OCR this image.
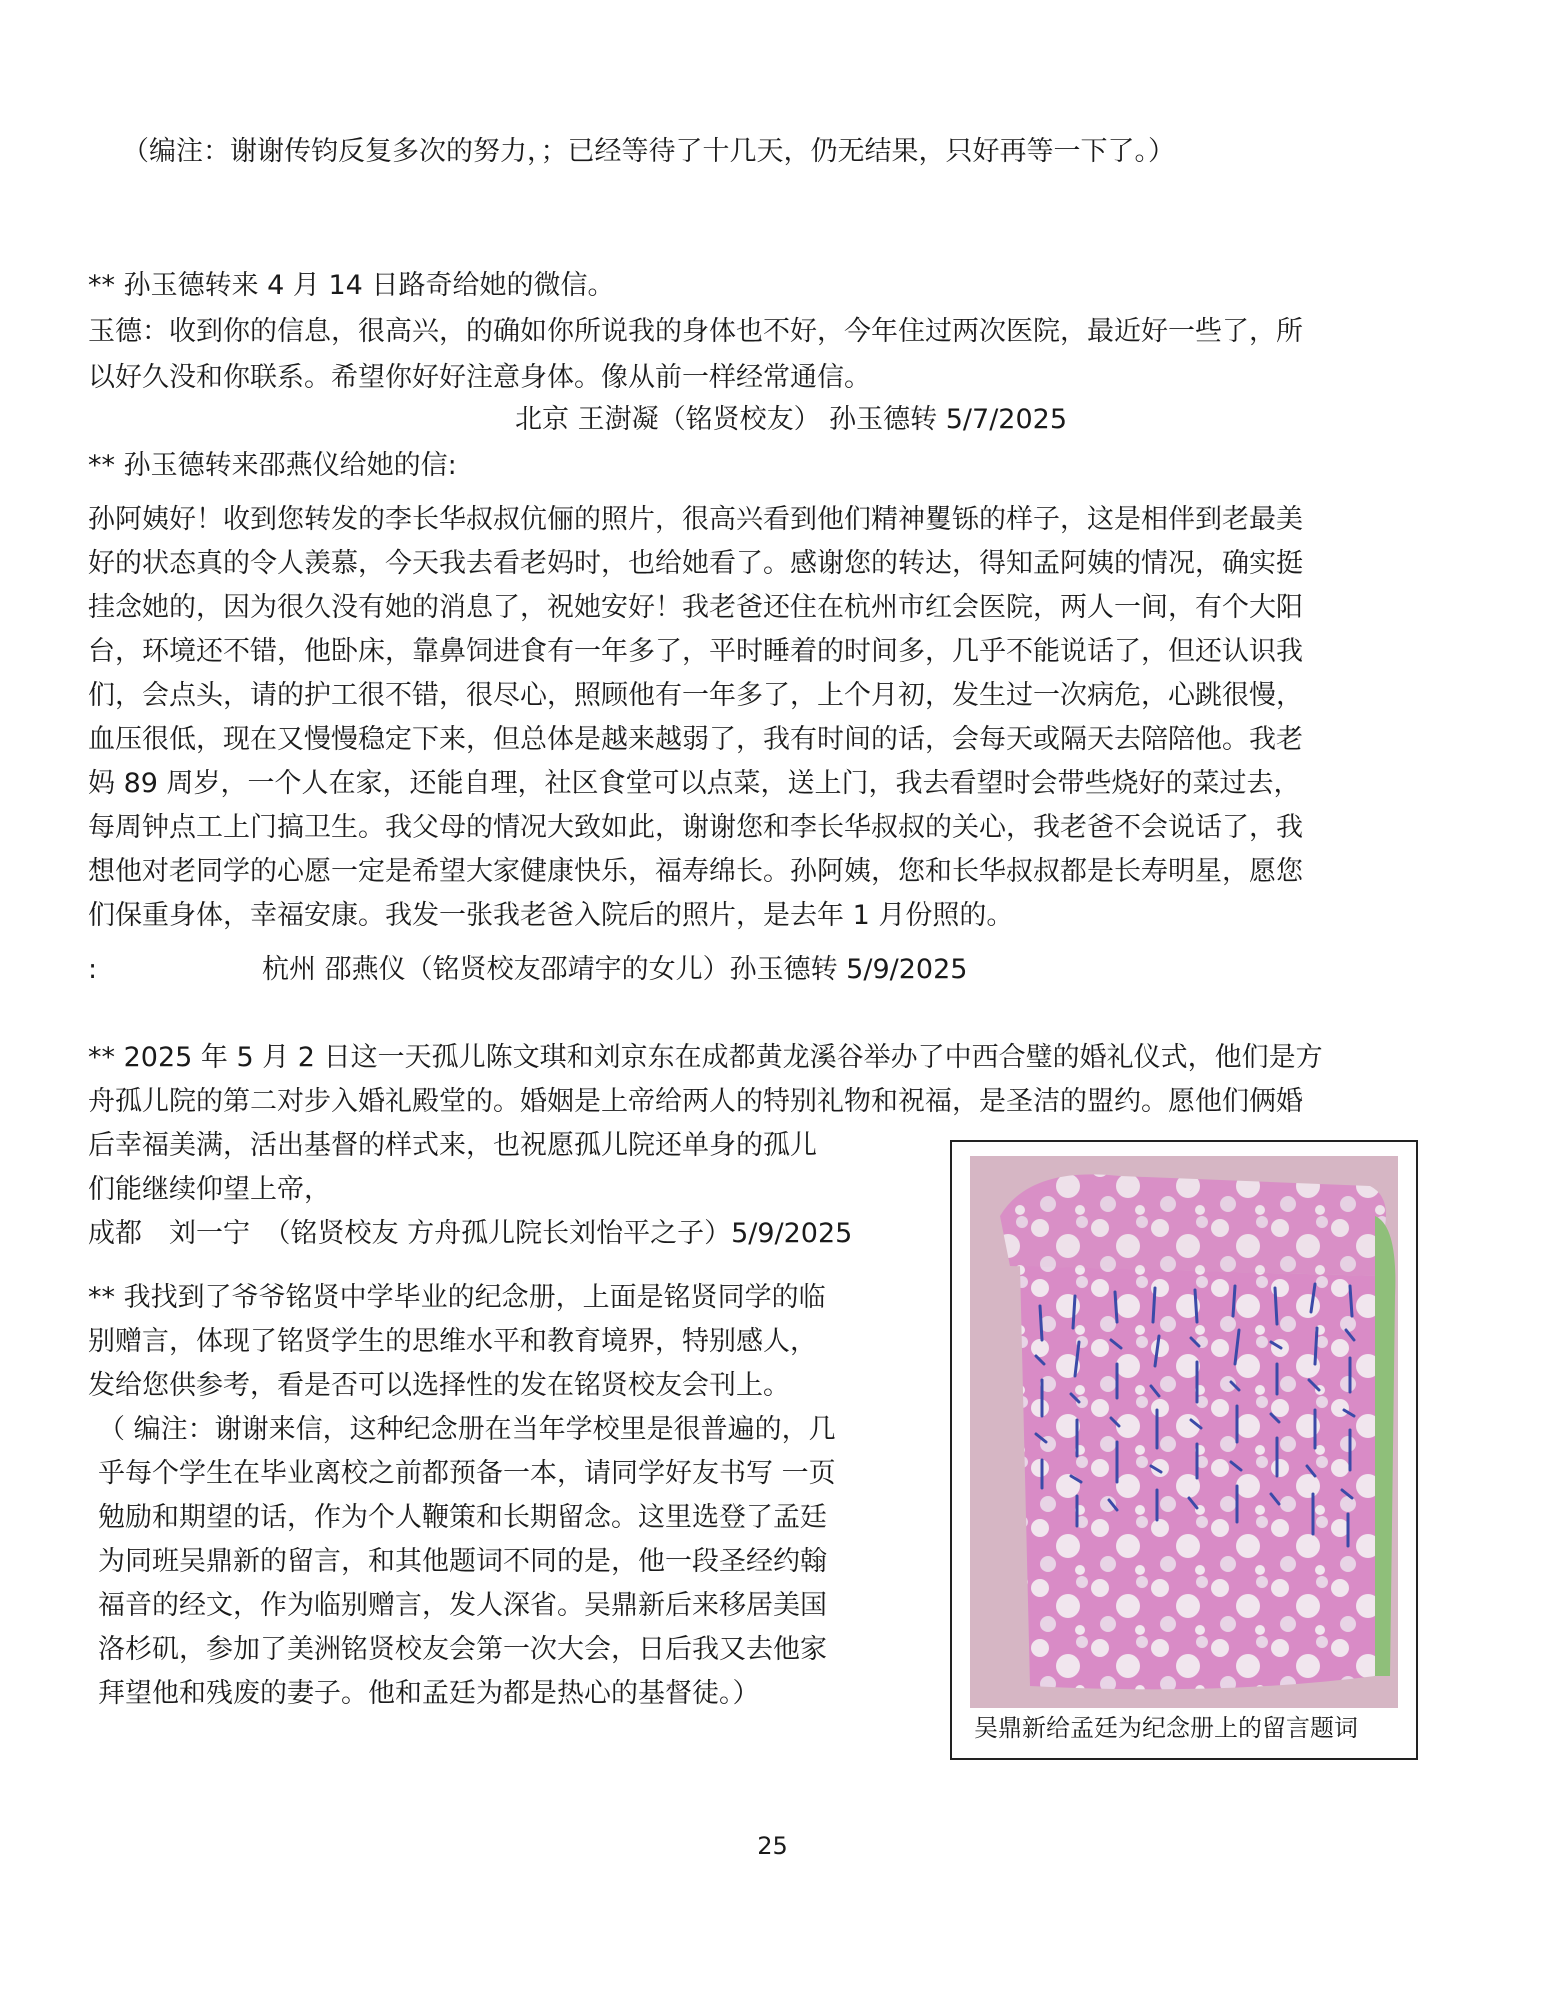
（编注：谢谢传钧反复多次的努力，；已经等待了十几天，仍无结果，只好再等一下了。）
** 孙玉德转来 4 月 14 日路奇给她的微信。
玉德：收到你的信息，很高兴，的确如你所说我的身体也不好，今年住过两次医院，最近好一些了，所
以好久没和你联系。希望你好好注意身体。像从前一样经常通信。
北京 王澍凝（铭贤校友） 孙玉德转 5/7/2025
** 孙玉德转来邵燕仪给她的信:
孙阿姨好！收到您转发的李长华叔叔伉俪的照片，很高兴看到他们精神矍铄的样子，这是相伴到老最美
好的状态真的令人羡慕，今天我去看老妈时，也给她看了。感谢您的转达，得知孟阿姨的情况，确实挺
挂念她的，因为很久没有她的消息了，祝她安好！我老爸还住在杭州市红会医院，两人一间，有个大阳
台，环境还不错，他卧床，靠鼻饲进食有一年多了，平时睡着的时间多，几乎不能说话了，但还认识我
们，会点头，请的护工很不错，很尽心，照顾他有一年多了，上个月初，发生过一次病危，心跳很慢，
血压很低，现在又慢慢稳定下来，但总体是越来越弱了，我有时间的话，会每天或隔天去陪陪他。我老
妈 89 周岁，一个人在家，还能自理，社区食堂可以点菜，送上门，我去看望时会带些烧好的菜过去，
每周钟点工上门搞卫生。我父母的情况大致如此，谢谢您和李长华叔叔的关心，我老爸不会说话了，我
想他对老同学的心愿一定是希望大家健康快乐，福寿绵长。孙阿姨，您和长华叔叔都是长寿明星，愿您
们保重身体，幸福安康。我发一张我老爸入院后的照片，是去年 1 月份照的。
:	杭州 邵燕仪（铭贤校友邵靖宇的女儿）孙玉德转 5/9/2025
** 2025 年 5 月 2 日这一天孤儿陈文琪和刘京东在成都黄龙溪谷举办了中西合璧的婚礼仪式，他们是方
舟孤儿院的第二对步入婚礼殿堂的。婚姻是上帝给两人的特别礼物和祝福，是圣洁的盟约。愿他们俩婚
后幸福美满，活出基督的样式来，也祝愿孤儿院还单身的孤儿
们能继续仰望上帝，
成都　刘一宁　（铭贤校友 方舟孤儿院长刘怡平之子）5/9/2025
** 我找到了爷爷铭贤中学毕业的纪念册，上面是铭贤同学的临
别赠言，体现了铭贤学生的思维水平和教育境界，特别感人，
发给您供参考，看是否可以选择性的发在铭贤校友会刊上。
（ 编注：谢谢来信，这种纪念册在当年学校里是很普遍的，几
乎每个学生在毕业离校之前都预备一本，请同学好友书写 一页
勉励和期望的话，作为个人鞭策和长期留念。这里选登了孟廷
为同班吴鼎新的留言，和其他题词不同的是，他一段圣经约翰
福音的经文，作为临别赠言，发人深省。吴鼎新后来移居美国
洛杉矶，参加了美洲铭贤校友会第一次大会，日后我又去他家
拜望他和残废的妻子。他和孟廷为都是热心的基督徒。）
吴鼎新给孟廷为纪念册上的留言题词
25
